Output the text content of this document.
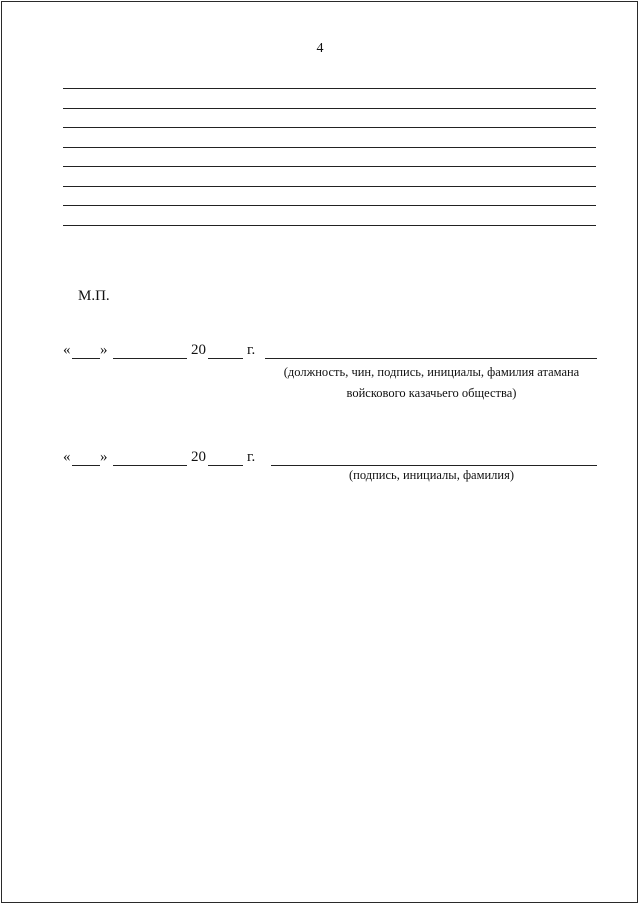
4
М.П.
« »	20	г.
(должность, чин, подпись, инициалы, фамилия атамана
войскового казачьего общества)
« »	20	г.
(подпись, инициалы, фамилия)
